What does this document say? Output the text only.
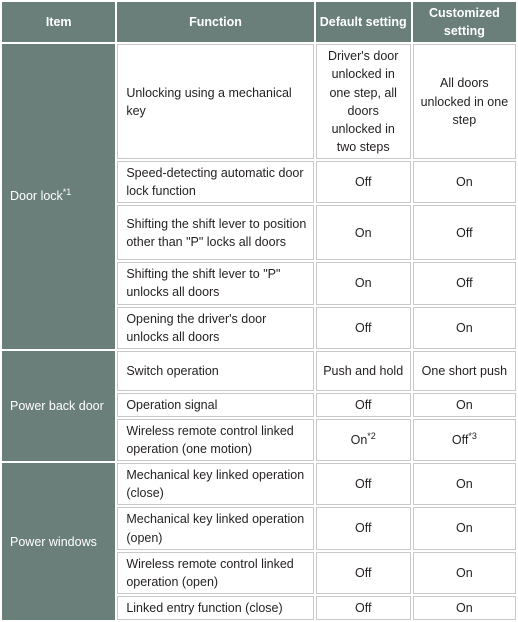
Item	Function	Default setting	Customized setting
Door lock$^{*1}$	Unlocking using a mechanical key	Driver's door unlocked in one step, all doors unlocked in two steps	All doors unlocked in one step
	Speed-detecting automatic door lock function	Off	On
	Shifting the shift lever to position other than "P" locks all doors	On	Off
	Shifting the shift lever to "P" unlocks all doors	On	Off
	Opening the driver's door unlocks all doors	Off	On
Power back door	Switch operation	Push and hold	One short push
	Operation signal	Off	On
	Wireless remote control linked operation (one motion)	On$^{*2}$	Off$^{*3}$
Power windows	Mechanical key linked operation (close)	Off	On
	Mechanical key linked operation (open)	Off	On
	Wireless remote control linked operation (open)	Off	On
	Linked entry function (close)	Off	On
